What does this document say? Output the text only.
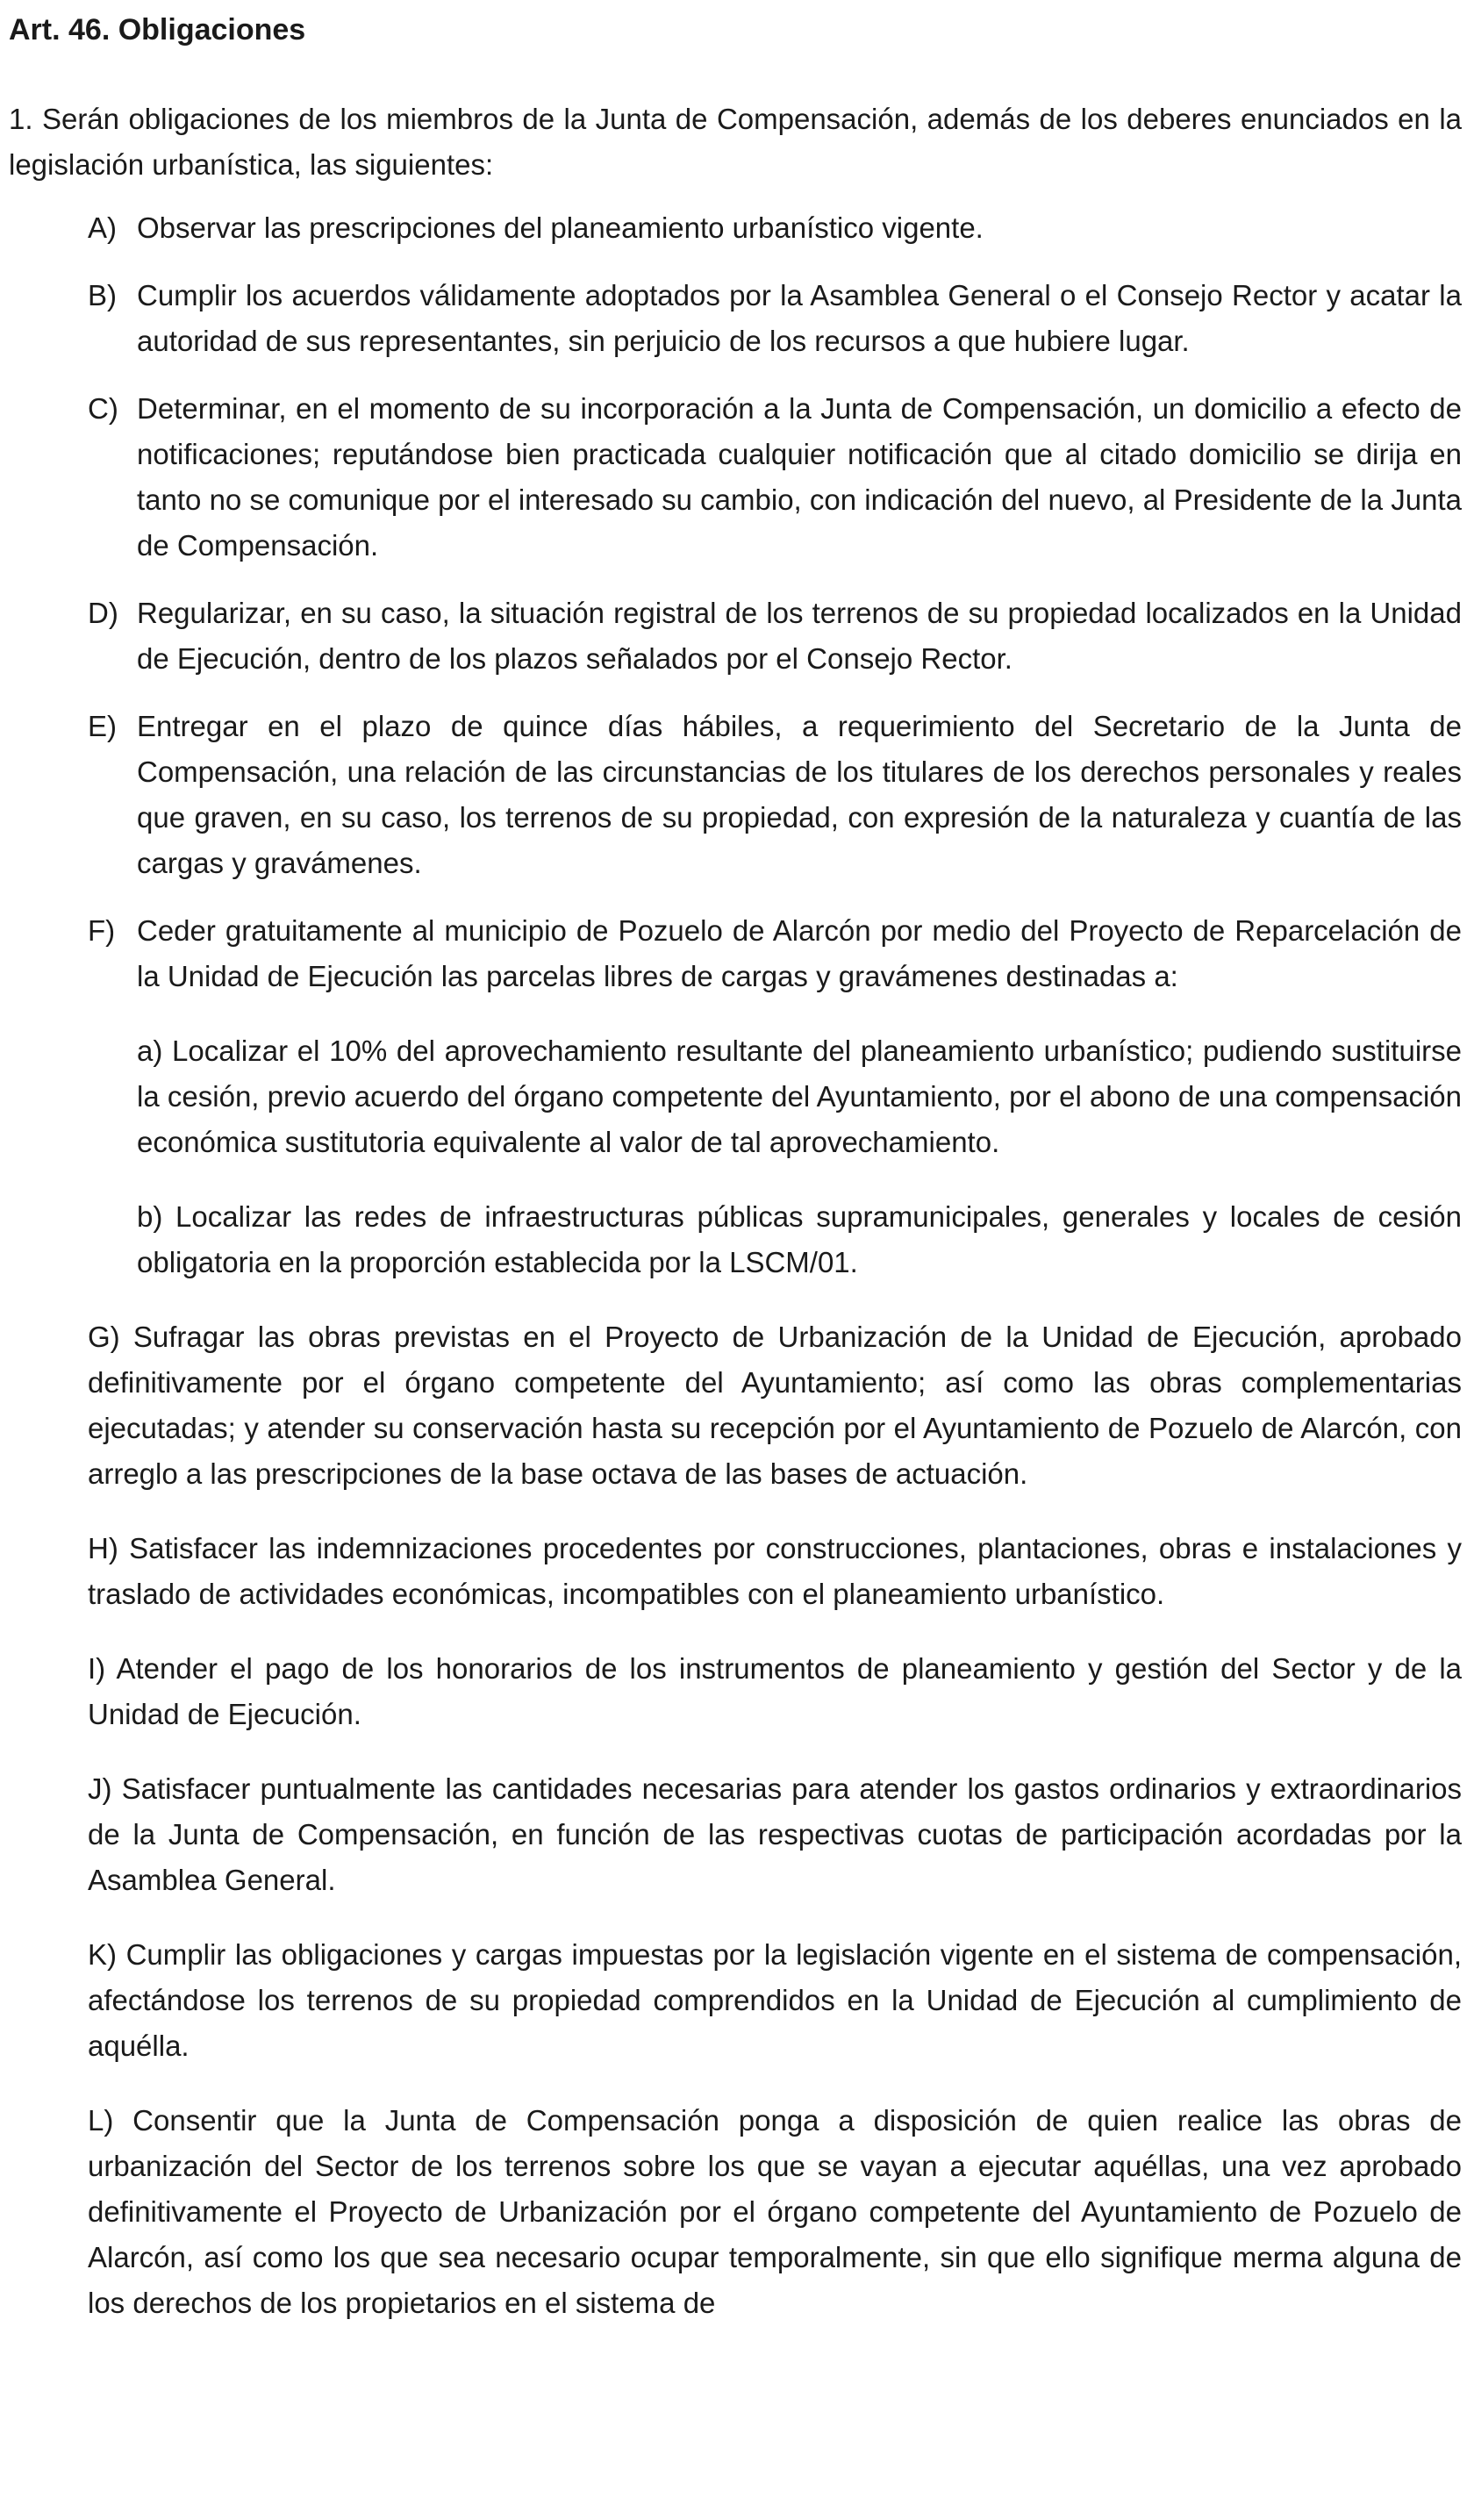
Art. 46. Obligaciones

1. Serán obligaciones de los miembros de la Junta de Compensación, además de los deberes enunciados en la legislación urbanística, las siguientes:

A) Observar las prescripciones del planeamiento urbanístico vigente.
B) Cumplir los acuerdos válidamente adoptados por la Asamblea General o el Consejo Rector y acatar la autoridad de sus representantes, sin perjuicio de los recursos a que hubiere lugar.
C) Determinar, en el momento de su incorporación a la Junta de Compensación, un domicilio a efecto de notificaciones; reputándose bien practicada cualquier notificación que al citado domicilio se dirija en tanto no se comunique por el interesado su cambio, con indicación del nuevo, al Presidente de la Junta de Compensación.
D) Regularizar, en su caso, la situación registral de los terrenos de su propiedad localizados en la Unidad de Ejecución, dentro de los plazos señalados por el Consejo Rector.
E) Entregar en el plazo de quince días hábiles, a requerimiento del Secretario de la Junta de Compensación, una relación de las circunstancias de los titulares de los derechos personales y reales que graven, en su caso, los terrenos de su propiedad, con expresión de la naturaleza y cuantía de las cargas y gravámenes.
F) Ceder gratuitamente al municipio de Pozuelo de Alarcón por medio del Proyecto de Reparcelación de la Unidad de Ejecución las parcelas libres de cargas y gravámenes destinadas a:

a) Localizar el 10% del aprovechamiento resultante del planeamiento urbanístico; pudiendo sustituirse la cesión, previo acuerdo del órgano competente del Ayuntamiento, por el abono de una compensación económica sustitutoria equivalente al valor de tal aprovechamiento.

b) Localizar las redes de infraestructuras públicas supramunicipales, generales y locales de cesión obligatoria en la proporción establecida por la LSCM/01.

G) Sufragar las obras previstas en el Proyecto de Urbanización de la Unidad de Ejecución, aprobado definitivamente por el órgano competente del Ayuntamiento; así como las obras complementarias ejecutadas; y atender su conservación hasta su recepción por el Ayuntamiento de Pozuelo de Alarcón, con arreglo a las prescripciones de la base octava de las bases de actuación.

H) Satisfacer las indemnizaciones procedentes por construcciones, plantaciones, obras e instalaciones y traslado de actividades económicas, incompatibles con el planeamiento urbanístico.

I) Atender el pago de los honorarios de los instrumentos de planeamiento y gestión del Sector y de la Unidad de Ejecución.

J) Satisfacer puntualmente las cantidades necesarias para atender los gastos ordinarios y extraordinarios de la Junta de Compensación, en función de las respectivas cuotas de participación acordadas por la Asamblea General.

K) Cumplir las obligaciones y cargas impuestas por la legislación vigente en el sistema de compensación, afectándose los terrenos de su propiedad comprendidos en la Unidad de Ejecución al cumplimiento de aquélla.

L) Consentir que la Junta de Compensación ponga a disposición de quien realice las obras de urbanización del Sector de los terrenos sobre los que se vayan a ejecutar aquéllas, una vez aprobado definitivamente el Proyecto de Urbanización por el órgano competente del Ayuntamiento de Pozuelo de Alarcón, así como los que sea necesario ocupar temporalmente, sin que ello signifique merma alguna de los derechos de los propietarios en el sistema de
